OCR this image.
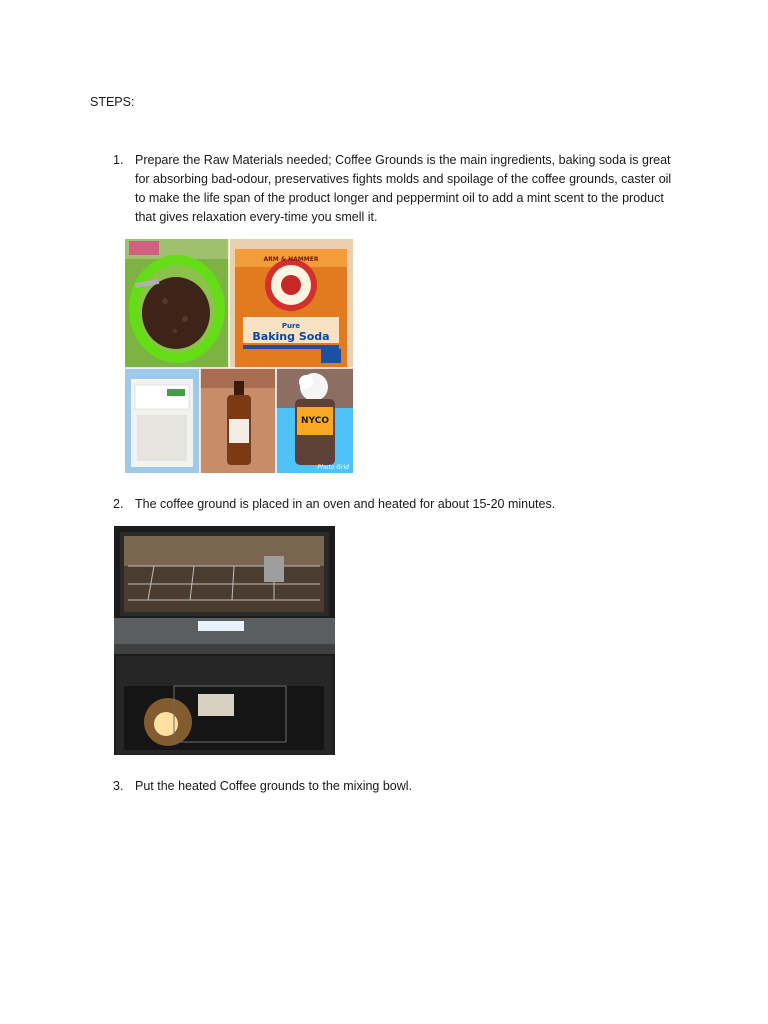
STEPS:
1. Prepare the Raw Materials needed; Coffee Grounds is the main ingredients, baking soda is great for absorbing bad-odour, preservatives fights molds and spoilage of the coffee grounds, caster oil to make the life span of the product longer and peppermint oil to add a mint scent to the product that gives relaxation every-time you smell it.
Pure
Baking Soda
ARM & HAMMER
NYCO
Photo Grid
2. The coffee ground is placed in an oven and heated for about 15-20 minutes.
3. Put the heated Coffee grounds to the mixing bowl.
